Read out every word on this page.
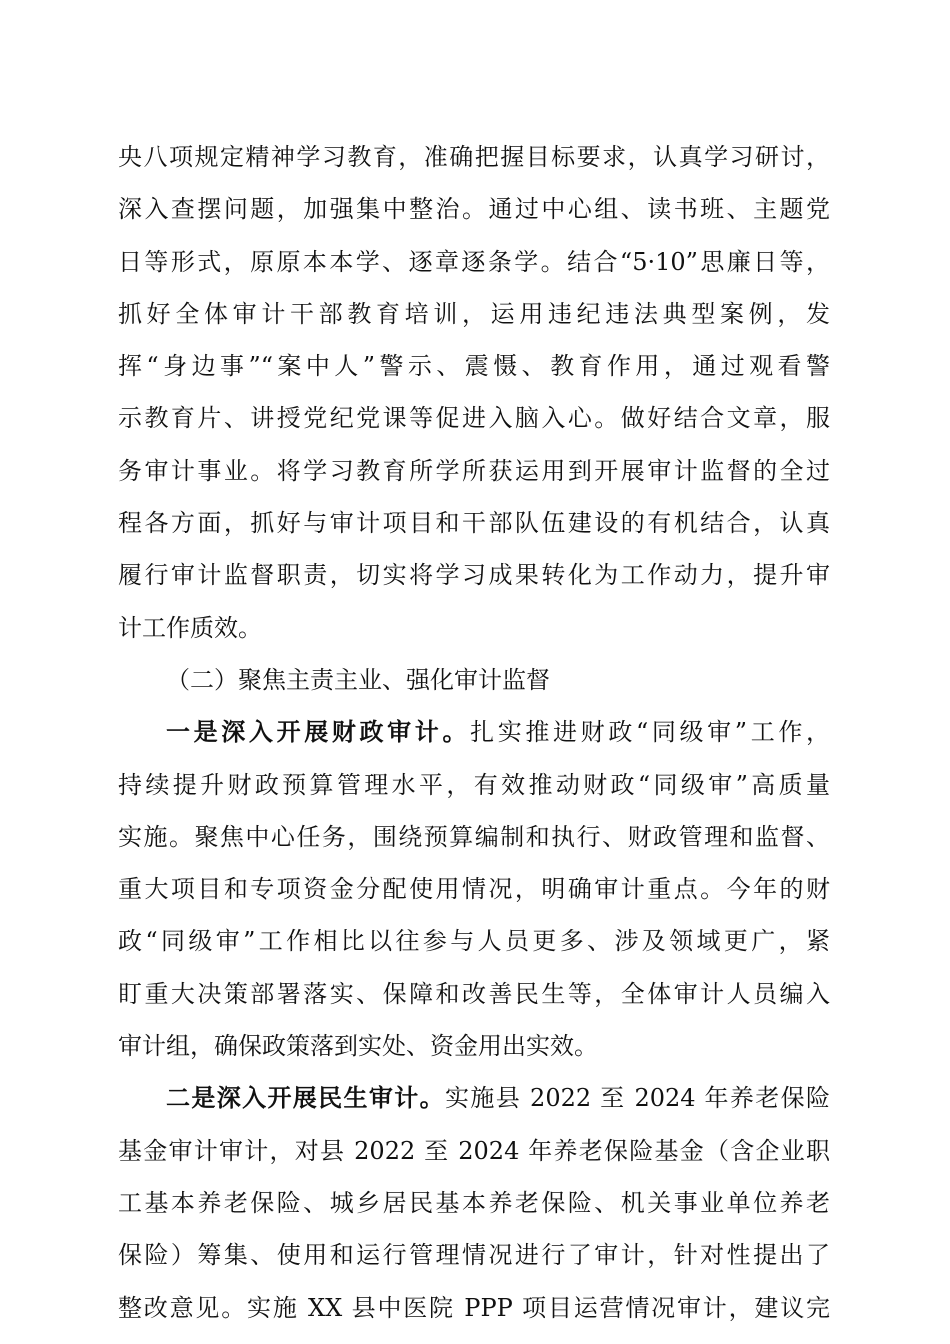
央八项规定精神学习教育，准确把握目标要求，认真学习研讨，
深入查摆问题，加强集中整治。通过中心组、读书班、主题党
日等形式，原原本本学、逐章逐条学。结合“5·10”思廉日等，
抓好全体审计干部教育培训，运用违纪违法典型案例，发
挥“身边事”“案中人”警示、震慑、教育作用，通过观看警
示教育片、讲授党纪党课等促进入脑入心。做好结合文章，服
务审计事业。将学习教育所学所获运用到开展审计监督的全过
程各方面，抓好与审计项目和干部队伍建设的有机结合，认真
履行审计监督职责，切实将学习成果转化为工作动力，提升审
计工作质效。
（二）聚焦主责主业、强化审计监督
一是深入开展财政审计。扎实推进财政“同级审”工作，
持续提升财政预算管理水平，有效推动财政“同级审”高质量
实施。聚焦中心任务，围绕预算编制和执行、财政管理和监督、
重大项目和专项资金分配使用情况，明确审计重点。今年的财
政“同级审”工作相比以往参与人员更多、涉及领域更广，紧
盯重大决策部署落实、保障和改善民生等，全体审计人员编入
审计组，确保政策落到实处、资金用出实效。
二是深入开展民生审计。实施县 2022 至 2024 年养老保险
基金审计审计，对县 2022 至 2024 年养老保险基金（含企业职
工基本养老保险、城乡居民基本养老保险、机关事业单位养老
保险）筹集、使用和运行管理情况进行了审计，针对性提出了
整改意见。实施 XX 县中医院 PPP 项目运营情况审计，建议完
